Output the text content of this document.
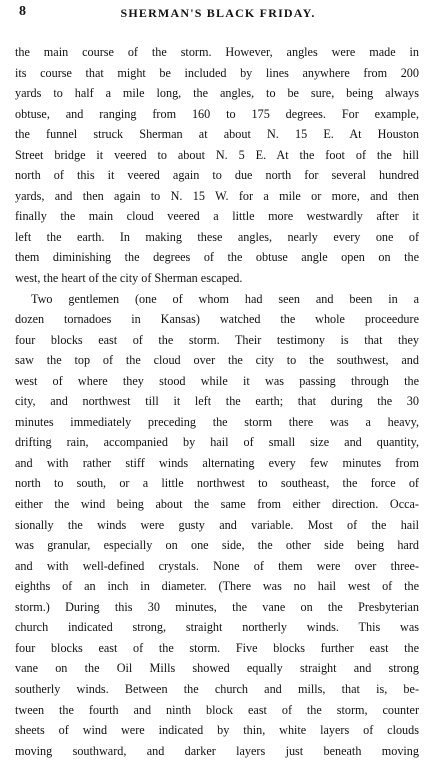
8	SHERMAN'S BLACK FRIDAY.
the main course of the storm. However, angles were made in
its course that might be included by lines anywhere from 200
yards to half a mile long, the angles, to be sure, being always
obtuse, and ranging from 160 to 175 degrees. For example,
the funnel struck Sherman at about N. 15 E. At Houston
Street bridge it veered to about N. 5 E. At the foot of the hill
north of this it veered again to due north for several hundred
yards, and then again to N. 15 W. for a mile or more, and then
finally the main cloud veered a little more westwardly after it
left the earth. In making these angles, nearly every one of
them diminishing the degrees of the obtuse angle open on the
west, the heart of the city of Sherman escaped.
Two gentlemen (one of whom had seen and been in a
dozen tornadoes in Kansas) watched the whole proceedure
four blocks east of the storm. Their testimony is that they
saw the top of the cloud over the city to the southwest, and
west of where they stood while it was passing through the
city, and northwest till it left the earth; that during the 30
minutes immediately preceding the storm there was a heavy,
drifting rain, accompanied by hail of small size and quantity,
and with rather stiff winds alternating every few minutes from
north to south, or a little northwest to southeast, the force of
either the wind being about the same from either direction. Occa-
sionally the winds were gusty and variable. Most of the hail
was granular, especially on one side, the other side being hard
and with well-defined crystals. None of them were over three-
eighths of an inch in diameter. (There was no hail west of the
storm.) During this 30 minutes, the vane on the Presbyterian
church indicated strong, straight northerly winds. This was
four blocks east of the storm. Five blocks further east the
vane on the Oil Mills showed equally straight and strong
southerly winds. Between the church and mills, that is, be-
tween the fourth and ninth block east of the storm, counter
sheets of wind were indicated by thin, white layers of clouds
moving southward, and darker layers just beneath moving
